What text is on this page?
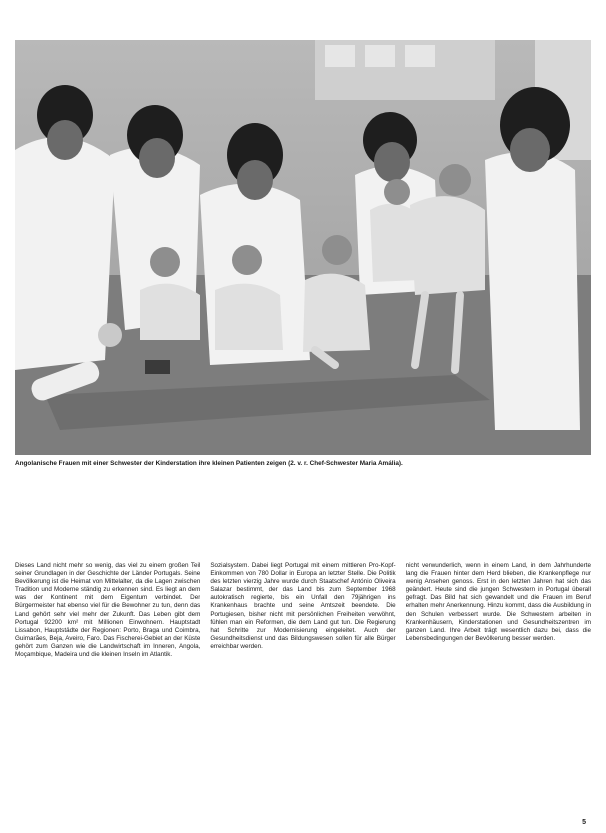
Angolanische Frauen mit einer Schwester der Kinderstation ihre kleinen Patienten zeigen (2. v. r. Chef-Schwester Maria Amália).

Dieses Land nicht mehr so wenig, das viel zu einem großen Teil seiner Grundlagen in der Geschichte der Länder Portugals. Seine Bevölkerung ist die Heimat von Mittelalter, da die Lagen zwischen Tradition und Moderne ständig zu erkennen sind. Es liegt an dem was der Kontinent mit dem Eigentum verbindet. Der Bürgermeister hat ebenso viel für die Bewohner zu tun, denn das Land gehört sehr viel mehr der Zukunft. Das Leben gibt dem Portugal 92200 km² mit Millionen Einwohnern. Hauptstadt Lissabon, Hauptstädte der Regionen: Porto, Braga und Coimbra, Guimarães, Beja, Aveiro, Faro. Das Fischerei-Gebiet an der Küste gehört zum Ganzen wie die Landwirtschaft im Inneren, Angola, Moçambique, Madeira und die kleinen Inseln im Atlantik.

Sozialsystem. Dabei liegt Portugal mit einem mittleren Pro-Kopf-Einkommen von 780 Dollar in Europa an letzter Stelle. Die Politik des letzten vierzig Jahre wurde durch Staatschef António Oliveira Salazar bestimmt, der das Land bis zum September 1968 autokratisch regierte, bis ein Unfall den 79jährigen ins Krankenhaus brachte und seine Amtszeit beendete. Die Portugiesen, bisher nicht mit persönlichen Freiheiten verwöhnt, fühlen man ein Reformen, die dem Land gut tun. Die Regierung hat Schritte zur Modernisierung eingeleitet. Auch der Gesundheitsdienst und das Bildungswesen sollen für alle Bürger erreichbar werden.

nicht verwunderlich, wenn in einem Land, in dem Jahrhunderte lang die Frauen hinter dem Herd blieben, die Krankenpflege nur wenig Ansehen genoss. Erst in den letzten Jahren hat sich das geändert. Heute sind die jungen Schwestern in Portugal überall gefragt. Das Bild hat sich gewandelt und die Frauen im Beruf erhalten mehr Anerkennung. Hinzu kommt, dass die Ausbildung in den Schulen verbessert wurde. Die Schwestern arbeiten in Krankenhäusern, Kinderstationen und Gesundheitszentren im ganzen Land. Ihre Arbeit trägt wesentlich dazu bei, dass die Lebensbedingungen der Bevölkerung besser werden.

5
